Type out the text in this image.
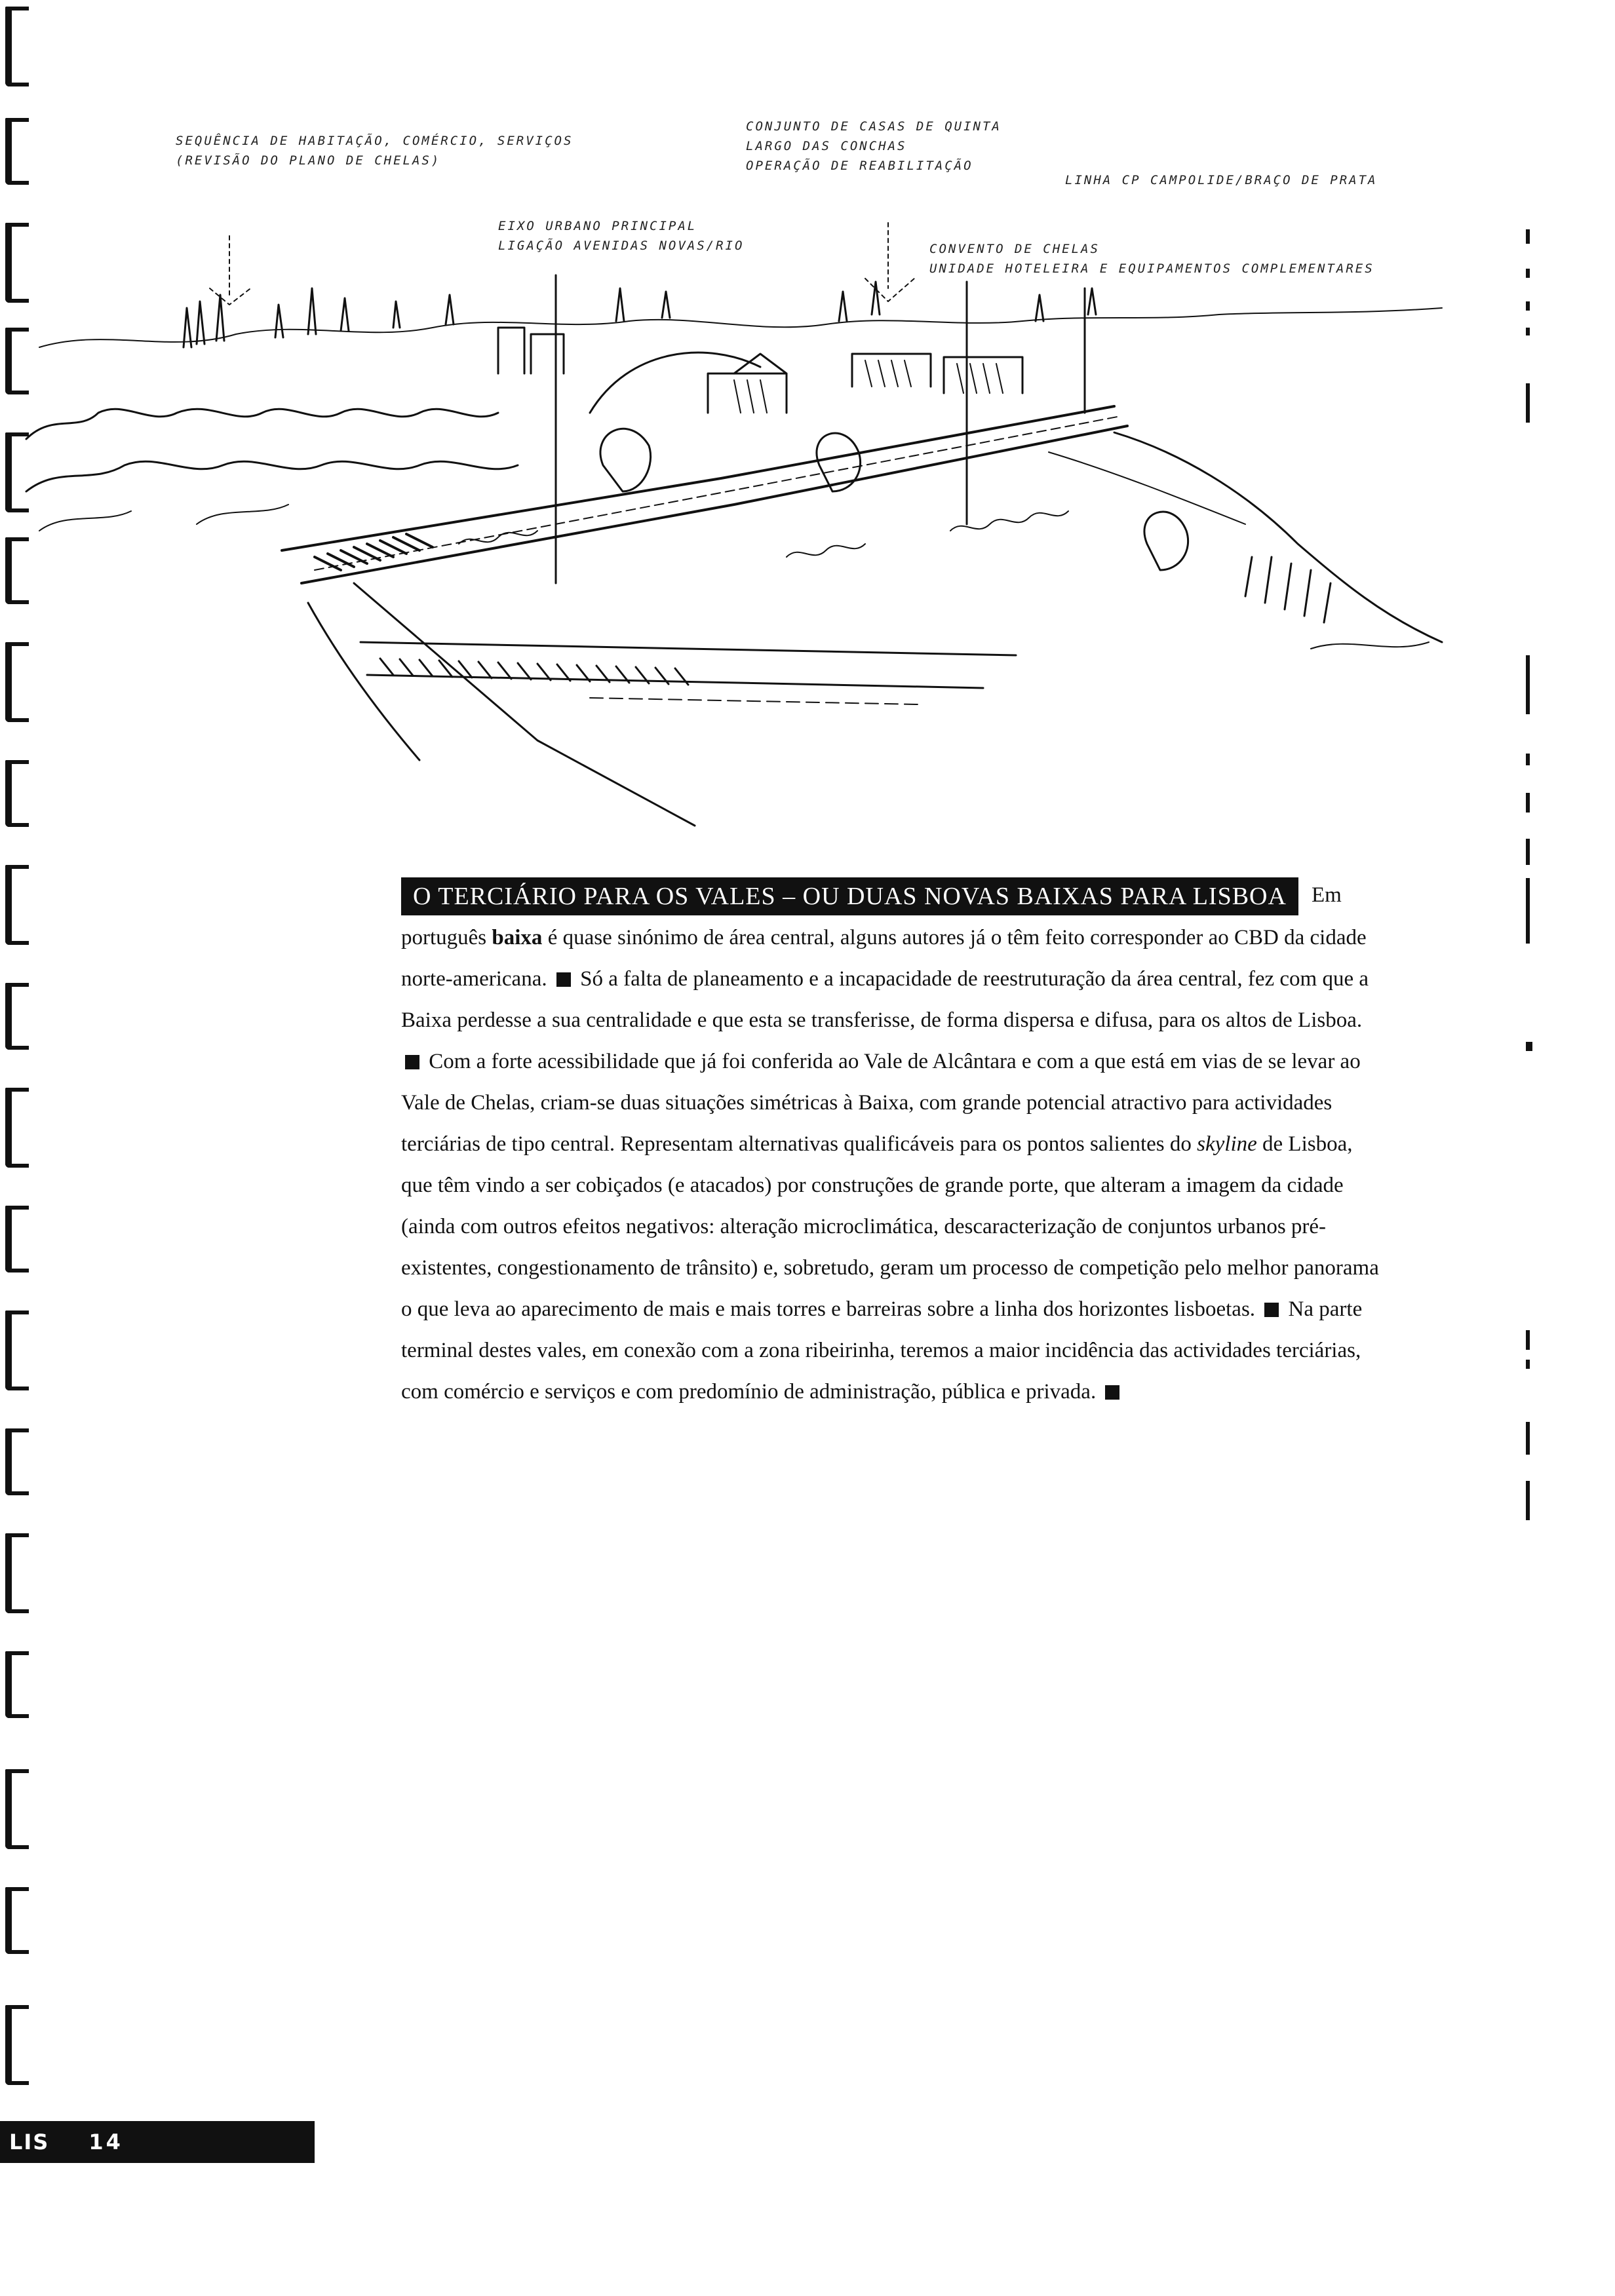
SEQUÊNCIA DE HABITAÇÃO, COMÉRCIO, SERVIÇOS
(REVISÃO DO PLANO DE CHELAS)
CONJUNTO DE CASAS DE QUINTA
LARGO DAS CONCHAS
OPERAÇÃO DE REABILITAÇÃO
LINHA CP CAMPOLIDE/BRAÇO DE PRATA
EIXO URBANO PRINCIPAL
LIGAÇÃO AVENIDAS NOVAS/RIO	CONVENTO DE CHELAS
UNIDADE HOTELEIRA E EQUIPAMENTOS COMPLEMENTARES
O TERCIÁRIO PARA OS VALES – OU DUAS NOVAS BAIXAS PARA LISBOA Em português baixa é quase sinónimo de área central, alguns autores já o têm feito corresponder ao CBD da cidade norte-americana. Só a falta de planeamento e a incapacidade de reestruturação da área central, fez com que a Baixa perdesse a sua centralidade e que esta se transferisse, de forma dispersa e difusa, para os altos de Lisboa.  Com a forte acessibilidade que já foi conferida ao Vale de Alcântara e com a que está em vias de se levar ao Vale de Chelas, criam-se duas situações simétricas à Baixa, com grande potencial atractivo para actividades terciárias de tipo central. Representam alternativas qualificáveis para os pontos salientes do skyline de Lisboa, que têm vindo a ser cobiçados (e atacados) por construções de grande porte, que alteram a imagem da cidade (ainda com outros efeitos negativos: alteração microclimática, descaracterização de conjuntos urbanos pré-existentes, congestionamento de trânsito) e, sobretudo, geram um processo de competição pelo melhor panorama o que leva ao aparecimento de mais e mais torres e barreiras sobre a linha dos horizontes lisboetas. Na parte terminal destes vales, em conexão com a zona ribeirinha, teremos a maior incidência das actividades terciárias, com comércio e serviços e com predomínio de administração, pública e privada.
LIS 14
